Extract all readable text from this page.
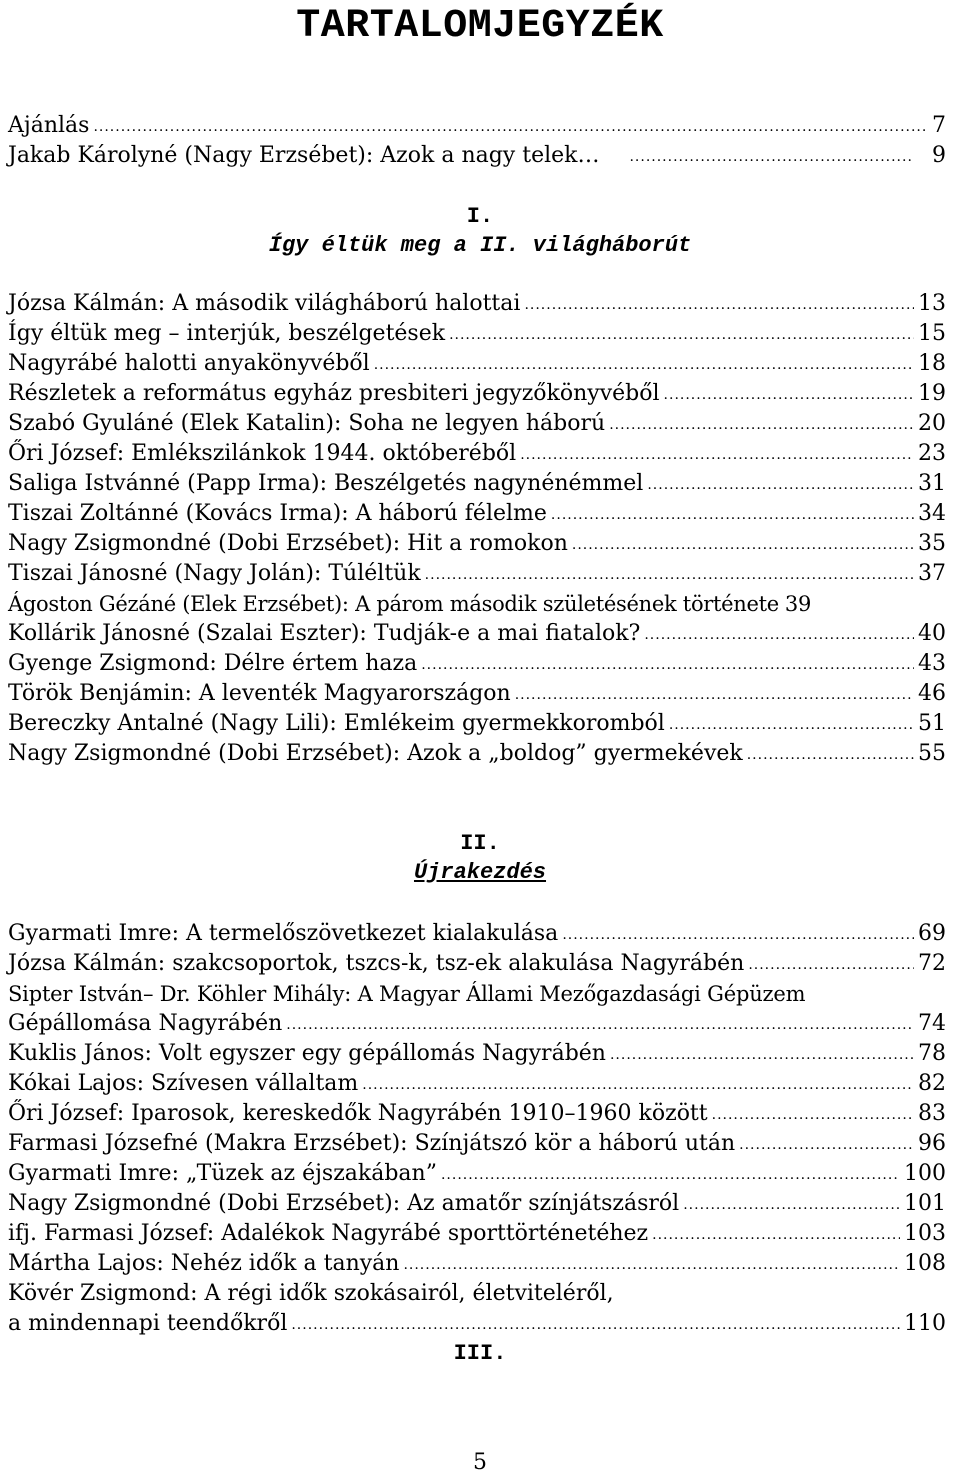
TARTALOMJEGYZÉK
Ajánlás .....	7
Jakab Károlyné (Nagy Erzsébet): Azok a nagy telek… .....	9
I.
Így éltük meg a II. világháborút
Józsa Kálmán: A második világháború halottai .....	13
Így éltük meg – interjúk, beszélgetések .....	15
Nagyrábé halotti anyakönyvéből .....	18
Részletek a református egyház presbiteri jegyzőkönyvéből .....	19
Szabó Gyuláné (Elek Katalin): Soha ne legyen háború .....	20
Őri József: Emlékszilánkok 1944. októberéből .....	23
Saliga Istvánné (Papp Irma): Beszélgetés nagynénémmel .....	31
Tiszai Zoltánné (Kovács Irma): A háború félelme .....	34
Nagy Zsigmondné (Dobi Erzsébet): Hit a romokon .....	35
Tiszai Jánosné (Nagy Jolán): Túléltük .....	37
Ágoston Gézáné (Elek Erzsébet): A párom második születésének története 39
Kollárik Jánosné (Szalai Eszter): Tudják-e a mai fiatalok? .....	40
Gyenge Zsigmond: Délre értem haza .....	43
Török Benjámin: A leventék Magyarországon .....	46
Bereczky Antalné (Nagy Lili): Emlékeim gyermekkoromból .....	51
Nagy Zsigmondné (Dobi Erzsébet): Azok a „boldog” gyermekévek .....	55
II.
Újrakezdés
Gyarmati Imre: A termelőszövetkezet kialakulása .....	69
Józsa Kálmán: szakcsoportok, tszcs-k, tsz-ek alakulása Nagyrábén .....	72
Sipter István– Dr. Köhler Mihály: A Magyar Állami Mezőgazdasági Gépüzem
Gépállomása Nagyrábén .....	74
Kuklis János: Volt egyszer egy gépállomás Nagyrábén .....	78
Kókai Lajos: Szívesen vállaltam .....	82
Őri József: Iparosok, kereskedők Nagyrábén 1910–1960 között .....	83
Farmasi Józsefné (Makra Erzsébet): Színjátszó kör a háború után .....	96
Gyarmati Imre: „Tüzek az éjszakában” .....	100
Nagy Zsigmondné (Dobi Erzsébet): Az amatőr színjátszásról .....	101
ifj. Farmasi József: Adalékok Nagyrábé sporttörténetéhez .....	103
Mártha Lajos: Nehéz idők a tanyán .....	108
Kövér Zsigmond: A régi idők szokásairól, életviteléről,
a mindennapi teendőkről .....	110
III.
5
